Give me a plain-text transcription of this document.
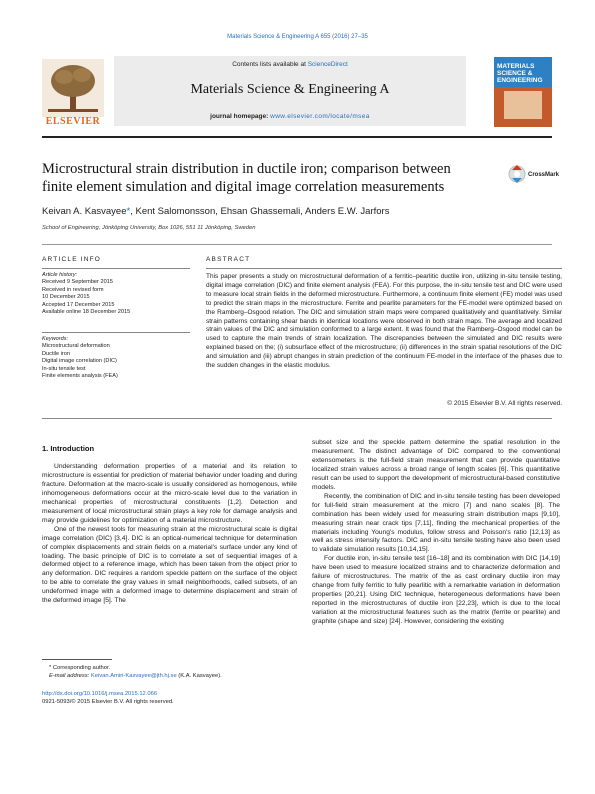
Materials Science & Engineering A 655 (2016) 27–35
ELSEVIER
Contents lists available at ScienceDirect
Materials Science & Engineering A
journal homepage: www.elsevier.com/locate/msea
MATERIALS
SCIENCE &
ENGINEERING
Microstructural strain distribution in ductile iron; comparison between
finite element simulation and digital image correlation measurements
CrossMark
Keivan A. Kasvayee*, Kent Salomonsson, Ehsan Ghassemali, Anders E.W. Jarfors
School of Engineering, Jönköping University, Box 1026, 551 11 Jönköping, Sweden
ARTICLE INFO
Article history:
Received 9 September 2015
Received in revised form
10 December 2015
Accepted 17 December 2015
Available online 18 December 2015
Keywords:
Microstructural deformation
Ductile iron
Digital image correlation (DIC)
In-situ tensile test
Finite elements analysis (FEA)
ABSTRACT
This paper presents a study on microstructural deformation of a ferritic–pearlitic ductile iron, utilizing in-situ tensile testing, digital image correlation (DIC) and finite element analysis (FEA). For this purpose, the in-situ tensile test and DIC were used to measure local strain fields in the deformed microstructure. Furthermore, a continuum finite element (FE) model was used to predict the strain maps in the microstructure. Ferrite and pearlite parameters for the FE-model were optimized based on the Ramberg–Osgood relation. The DIC and simulation strain maps were compared qualitatively and quantitatively. Similar strain patterns containing shear bands in identical locations were observed in both strain maps. The average and localized strain values of the DIC and simulation conformed to a large extent. It was found that the Ramberg–Osgood model can be used to capture the main trends of strain localization. The discrepancies between the simulated and DIC results were explained based on the; (i) subsurface effect of the microstructure; (ii) differences in the strain spatial resolutions of the DIC and simulation and (iii) abrupt changes in strain prediction of the continuum FE-model in the interface of the phases due to the sudden changes in the elastic modulus.
© 2015 Elsevier B.V. All rights reserved.
1. Introduction

Understanding deformation properties of a material and its relation to microstructure is essential for prediction of material behavior under loading and during fracture. Deformation at the macro-scale is usually considered as homogenous, while inhomogeneous deformations occur at the micro-scale level due to the variation in mechanical properties of microstructural constituents [1,2]. Detection and measurement of local microstructural strain plays a key role for damage analysis and may provide guidelines for optimization of a material microstructure.

One of the newest tools for measuring strain at the microstructural scale is digital image correlation (DIC) [3,4]. DIC is an optical-numerical technique for determination of complex displacements and strain fields on a material's surface under any kind of loading. The basic principle of DIC is to correlate a set of sequential images of a deformed object to a reference image, which has been taken from the object prior to any deformation. DIC requires a random speckle pattern on the surface of the object to be able to correlate the gray values in small neighborhoods, called subsets, of an undeformed image with a deformed image to determine displacement and strain of the deformed image [5]. The

subset size and the speckle pattern determine the spatial resolution in the measurement. The distinct advantage of DIC compared to the conventional extensometers is the full-field strain measurement that can provide quantitative localized strain values across a broad range of length scales [6]. This quantitative result can be used to support the development of microstructural-based constitutive models.

Recently, the combination of DIC and in-situ tensile testing has been developed for full-field strain measurement at the micro [7] and nano scales [8]. The combination has been widely used for measuring strain distribution maps [9,10], measuring strain near crack tips [7,11], finding the mechanical properties of the materials including Young's modulus, follow stress and Poisson's ratio [12,13] as well as stress intensity factors. DIC and in-situ tensile testing have also been used to validate simulation results [10,14,15].

For ductile iron, in-situ tensile test [16–18] and its combination with DIC [14,19] have been used to measure localized strains and to characterize deformation and failure of microstructures. The matrix of the as cast ordinary ductile iron may change from fully ferritic to fully pearlitic with a remarkable variation in deformation properties [20,21]. Using DIC technique, heterogeneous deformations have been reported in the microstructures of ductile iron [22,23], which is due to the local variation at the microstructural features such as the matrix (ferrite or pearlite) and graphite (shape and size) [24]. However, considering the existing

* Corresponding author.
E-mail address: Keivan.Amiri-Kasvayee@jth.hj.se (K.A. Kasvayee).
http://dx.doi.org/10.1016/j.msea.2015.12.066
0921-5093/© 2015 Elsevier B.V. All rights reserved.
